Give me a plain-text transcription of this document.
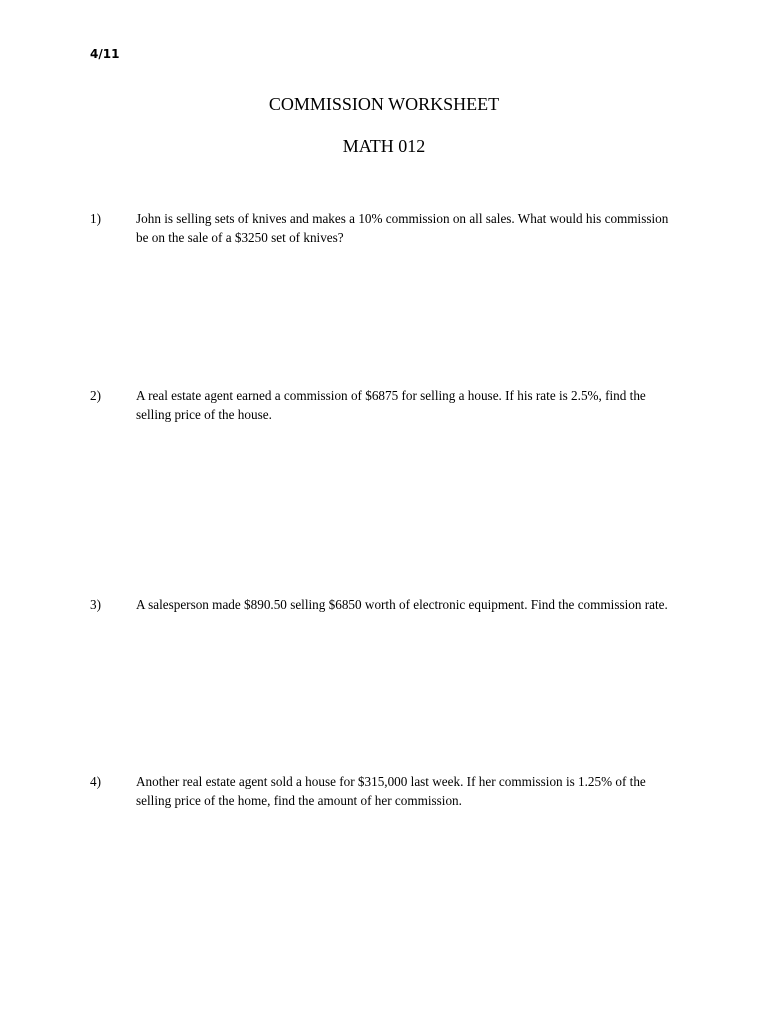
4/11
COMMISSION WORKSHEET
MATH 012
1)	John is selling sets of knives and makes a 10% commission on all sales. What would his commission be on the sale of a $3250 set of knives?
2)	A real estate agent earned a commission of $6875 for selling a house. If his rate is 2.5%, find the selling price of the house.
3)	A salesperson made $890.50 selling $6850 worth of electronic equipment. Find the commission rate.
4)	Another real estate agent sold a house for $315,000 last week. If her commission is 1.25% of the selling price of the home, find the amount of her commission.
